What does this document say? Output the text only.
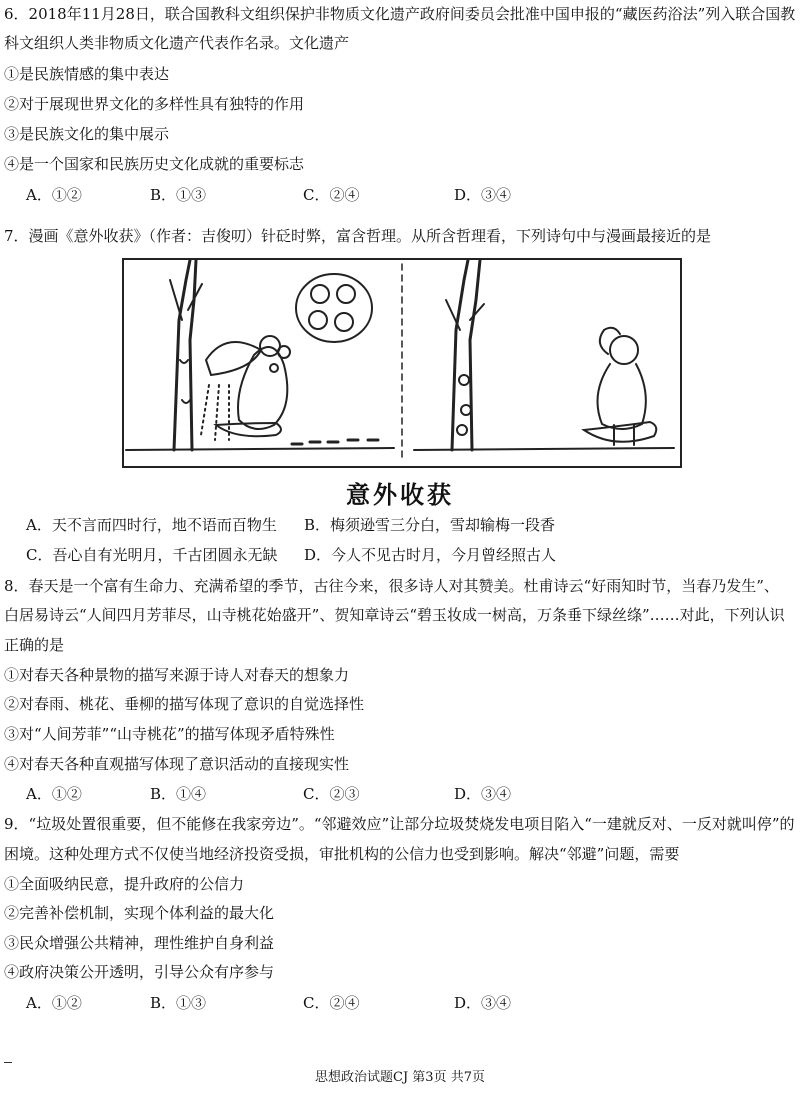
6．2018年11月28日，联合国教科文组织保护非物质文化遗产政府间委员会批准中国申报的“藏医药浴法”列入联合国教
科文组织人类非物质文化遗产代表作名录。文化遗产
①是民族情感的集中表达
②对于展现世界文化的多样性具有独特的作用
③是民族文化的集中展示
④是一个国家和民族历史文化成就的重要标志
A．①②	B．①③	C．②④	D．③④
7．漫画《意外收获》（作者：吉俊叨）针砭时弊，富含哲理。从所含哲理看，下列诗句中与漫画最接近的是
意外收获
A．天不言而四时行，地不语而百物生 B．梅须逊雪三分白，雪却输梅一段香
C．吾心自有光明月，千古团圆永无缺 D．今人不见古时月，今月曾经照古人
8．春天是一个富有生命力、充满希望的季节，古往今来，很多诗人对其赞美。杜甫诗云“好雨知时节，当春乃发生”、
白居易诗云“人间四月芳菲尽，山寺桃花始盛开”、贺知章诗云“碧玉妆成一树高，万条垂下绿丝绦”……对此，下列认识
正确的是
①对春天各种景物的描写来源于诗人对春天的想象力
②对春雨、桃花、垂柳的描写体现了意识的自觉选择性
③对“人间芳菲”“山寺桃花”的描写体现矛盾特殊性
④对春天各种直观描写体现了意识活动的直接现实性
A．①②	B．①④	C．②③	D．③④
9．“垃圾处置很重要，但不能修在我家旁边”。“邻避效应”让部分垃圾焚烧发电项目陷入“一建就反对、一反对就叫停”的
困境。这种处理方式不仅使当地经济投资受损，审批机构的公信力也受到影响。解决“邻避”问题，需要
①全面吸纳民意，提升政府的公信力
②完善补偿机制，实现个体利益的最大化
③民众增强公共精神，理性维护自身利益
④政府决策公开透明，引导公众有序参与
A．①②	B．①③	C．②④	D．③④
思想政治试题CJ 第3页 共7页
